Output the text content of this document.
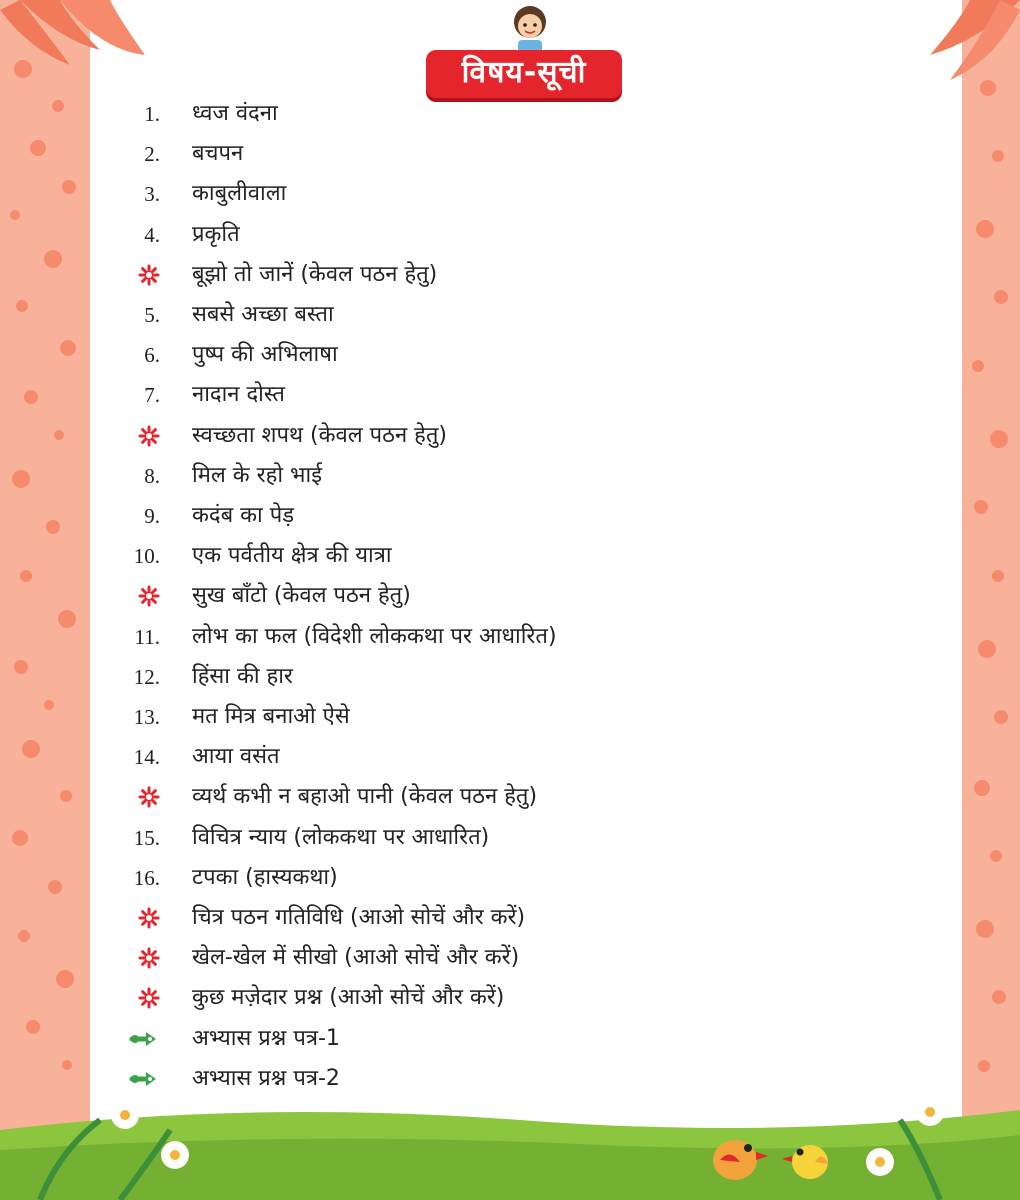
विषय-सूची
1. ध्वज वंदना
2. बचपन
3. काबुलीवाला
4. प्रकृति
बूझो तो जानें (केवल पठन हेतु)
5. सबसे अच्छा बस्ता
6. पुष्प की अभिलाषा
7. नादान दोस्त
स्वच्छता शपथ (केवल पठन हेतु)
8. मिल के रहो भाई
9. कदंब का पेड़
10. एक पर्वतीय क्षेत्र की यात्रा
सुख बाँटो (केवल पठन हेतु)
11. लोभ का फल (विदेशी लोककथा पर आधारित)
12. हिंसा की हार
13. मत मित्र बनाओ ऐसे
14. आया वसंत
व्यर्थ कभी न बहाओ पानी (केवल पठन हेतु)
15. विचित्र न्याय (लोककथा पर आधारित)
16. टपका (हास्यकथा)
चित्र पठन गतिविधि (आओ सोचें और करें)
खेल-खेल में सीखो (आओ सोचें और करें)
कुछ मज़ेदार प्रश्न (आओ सोचें और करें)
अभ्यास प्रश्न पत्र-1
अभ्यास प्रश्न पत्र-2
